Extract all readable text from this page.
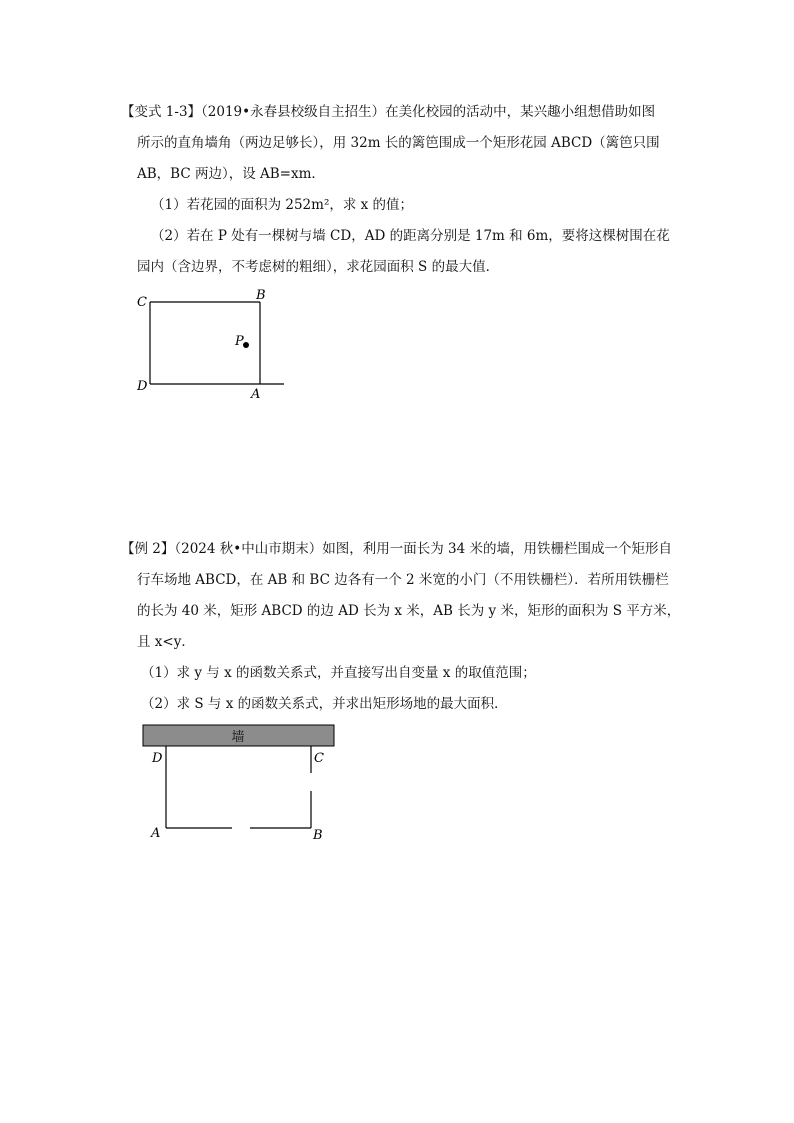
【变式 1-3】（2019•永春县校级自主招生）在美化校园的活动中，某兴趣小组想借助如图
所示的直角墙角（两边足够长），用 32m 长的篱笆围成一个矩形花园 ABCD（篱笆只围
AB，BC 两边），设 AB=xm．
（1）若花园的面积为 252m²，求 x 的值；
（2）若在 P 处有一棵树与墙 CD，AD 的距离分别是 17m 和 6m，要将这棵树围在花
园内（含边界，不考虑树的粗细），求花园面积 S 的最大值．
C	B
D
A
P
【例 2】（2024 秋•中山市期末）如图，利用一面长为 34 米的墙，用铁栅栏围成一个矩形自
行车场地 ABCD，在 AB 和 BC 边各有一个 2 米宽的小门（不用铁栅栏）．若所用铁栅栏
的长为 40 米，矩形 ABCD 的边 AD 长为 x 米，AB 长为 y 米，矩形的面积为 S 平方米，
且 x<y．
（1）求 y 与 x 的函数关系式，并直接写出自变量 x 的取值范围；
（2）求 S 与 x 的函数关系式，并求出矩形场地的最大面积．
墙
D	C
A	B
